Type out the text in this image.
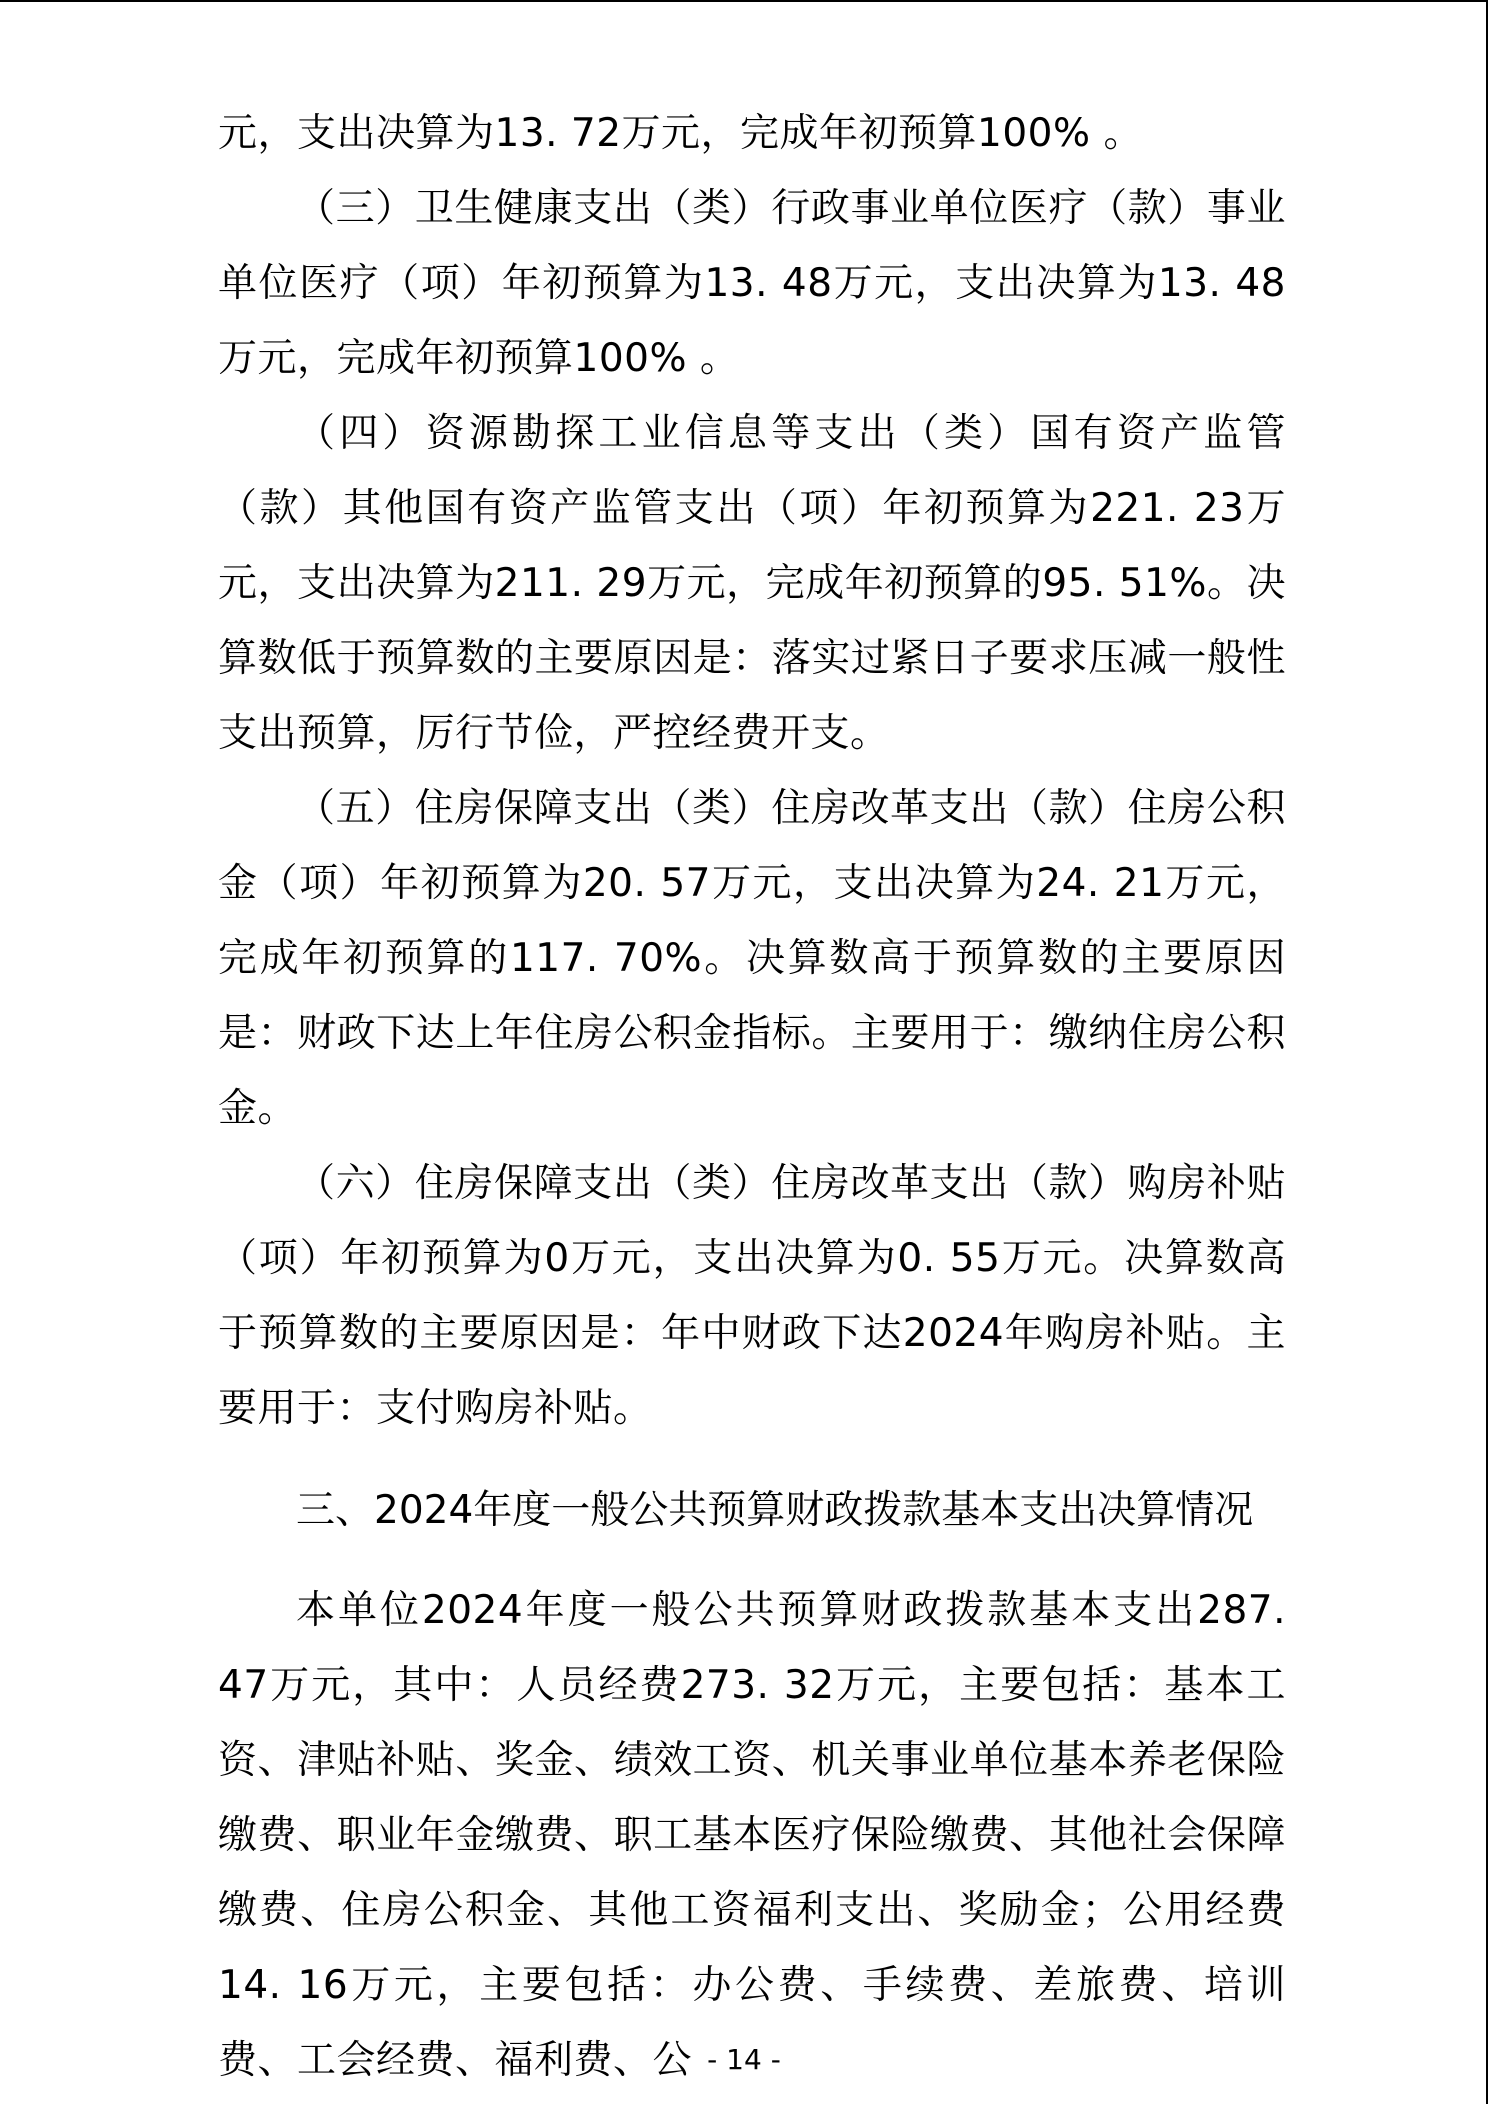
元，支出决算为13. 72万元，完成年初预算100% 。

（三）卫生健康支出（类）行政事业单位医疗（款）事业单位医疗（项）年初预算为13. 48万元，支出决算为13. 48万元，完成年初预算100% 。

（四）资源勘探工业信息等支出（类）国有资产监管（款）其他国有资产监管支出（项）年初预算为221. 23万元，支出决算为211. 29万元，完成年初预算的95. 51%。决算数低于预算数的主要原因是：落实过紧日子要求压减一般性支出预算，厉行节俭，严控经费开支。

（五）住房保障支出（类）住房改革支出（款）住房公积金（项）年初预算为20. 57万元，支出决算为24. 21万元，完成年初预算的117. 70%。决算数高于预算数的主要原因是：财政下达上年住房公积金指标。主要用于：缴纳住房公积金。

（六）住房保障支出（类）住房改革支出（款）购房补贴（项）年初预算为0万元，支出决算为0. 55万元。决算数高于预算数的主要原因是：年中财政下达2024年购房补贴。主要用于：支付购房补贴。

三、2024年度一般公共预算财政拨款基本支出决算情况

本单位2024年度一般公共预算财政拨款基本支出287. 47万元，其中：人员经费273. 32万元，主要包括：基本工资、津贴补贴、奖金、绩效工资、机关事业单位基本养老保险缴费、职业年金缴费、职工基本医疗保险缴费、其他社会保障缴费、住房公积金、其他工资福利支出、奖励金；公用经费14. 16万元，主要包括：办公费、手续费、差旅费、培训费、工会经费、福利费、公 - 14 -
